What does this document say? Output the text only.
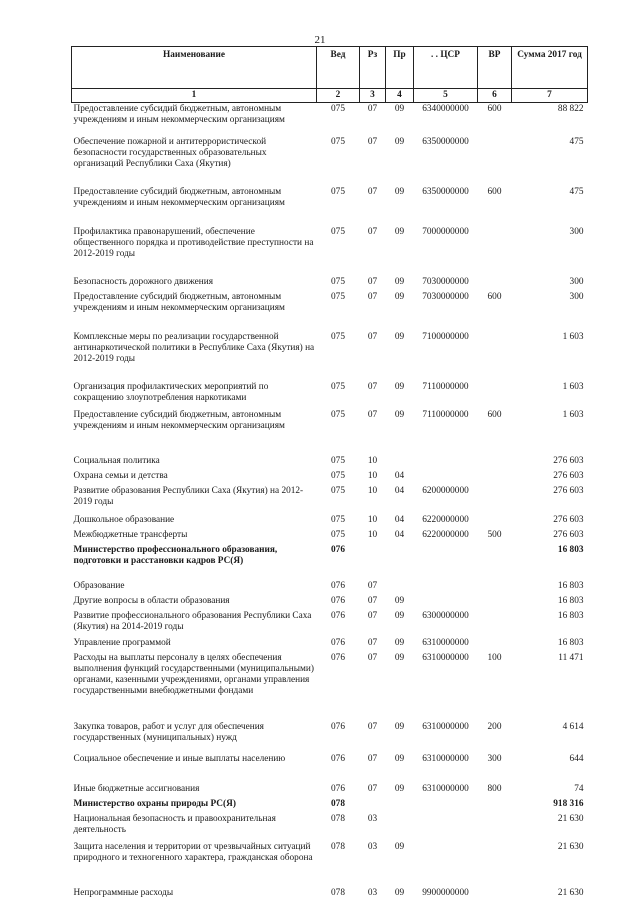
21
Наименование	Вед	Рз	Пр	. . ЦСР	ВР	Сумма 2017 год
1	2	3	4	5	6	7
Предоставление субсидий бюджетным, автономным учреждениям и иным некоммерческим организациям	075	07	09	6340000000	600	88 822
Обеспечение пожарной и антитеррористической безопасности государственных образовательных организаций Республики Саха (Якутия)	075	07	09	6350000000		475
Предоставление субсидий бюджетным, автономным учреждениям и иным некоммерческим организациям	075	07	09	6350000000	600	475
Профилактика правонарушений, обеспечение общественного порядка и противодействие преступности на 2012-2019 годы	075	07	09	7000000000		300
Безопасность дорожного движения	075	07	09	7030000000		300
Предоставление субсидий бюджетным, автономным учреждениям и иным некоммерческим организациям	075	07	09	7030000000	600	300
Комплексные меры по реализации государственной антинаркотической политики в Республике Саха (Якутия) на 2012-2019 годы	075	07	09	7100000000		1 603
Организация профилактических мероприятий по сокращению злоупотребления наркотиками	075	07	09	7110000000		1 603
Предоставление субсидий бюджетным, автономным учреждениям и иным некоммерческим организациям	075	07	09	7110000000	600	1 603
Социальная политика	075	10				276 603
Охрана семьи и детства	075	10	04			276 603
Развитие образования Республики Саха (Якутия) на 2012-2019 годы	075	10	04	6200000000		276 603
Дошкольное образование	075	10	04	6220000000		276 603
Межбюджетные трансферты	075	10	04	6220000000	500	276 603
Министерство профессионального образования, подготовки и расстановки кадров РС(Я)	076					16 803
Образование	076	07				16 803
Другие вопросы в области образования	076	07	09			16 803
Развитие профессионального образования Республики Саха (Якутия) на 2014-2019 годы	076	07	09	6300000000		16 803
Управление программой	076	07	09	6310000000		16 803
Расходы на выплаты персоналу в целях обеспечения выполнения функций государственными (муниципальными) органами, казенными учреждениями, органами управления государственными внебюджетными фондами	076	07	09	6310000000	100	11 471
Закупка товаров, работ и услуг для обеспечения государственных (муниципальных) нужд	076	07	09	6310000000	200	4 614
Социальное обеспечение и иные выплаты населению	076	07	09	6310000000	300	644
Иные бюджетные ассигнования	076	07	09	6310000000	800	74
Министерство охраны природы РС(Я)	078					918 316
Национальная безопасность и правоохранительная деятельность	078	03				21 630
Защита населения и территории от чрезвычайных ситуаций природного и техногенного характера, гражданская оборона	078	03	09			21 630
Непрограммные расходы	078	03	09	9900000000		21 630
